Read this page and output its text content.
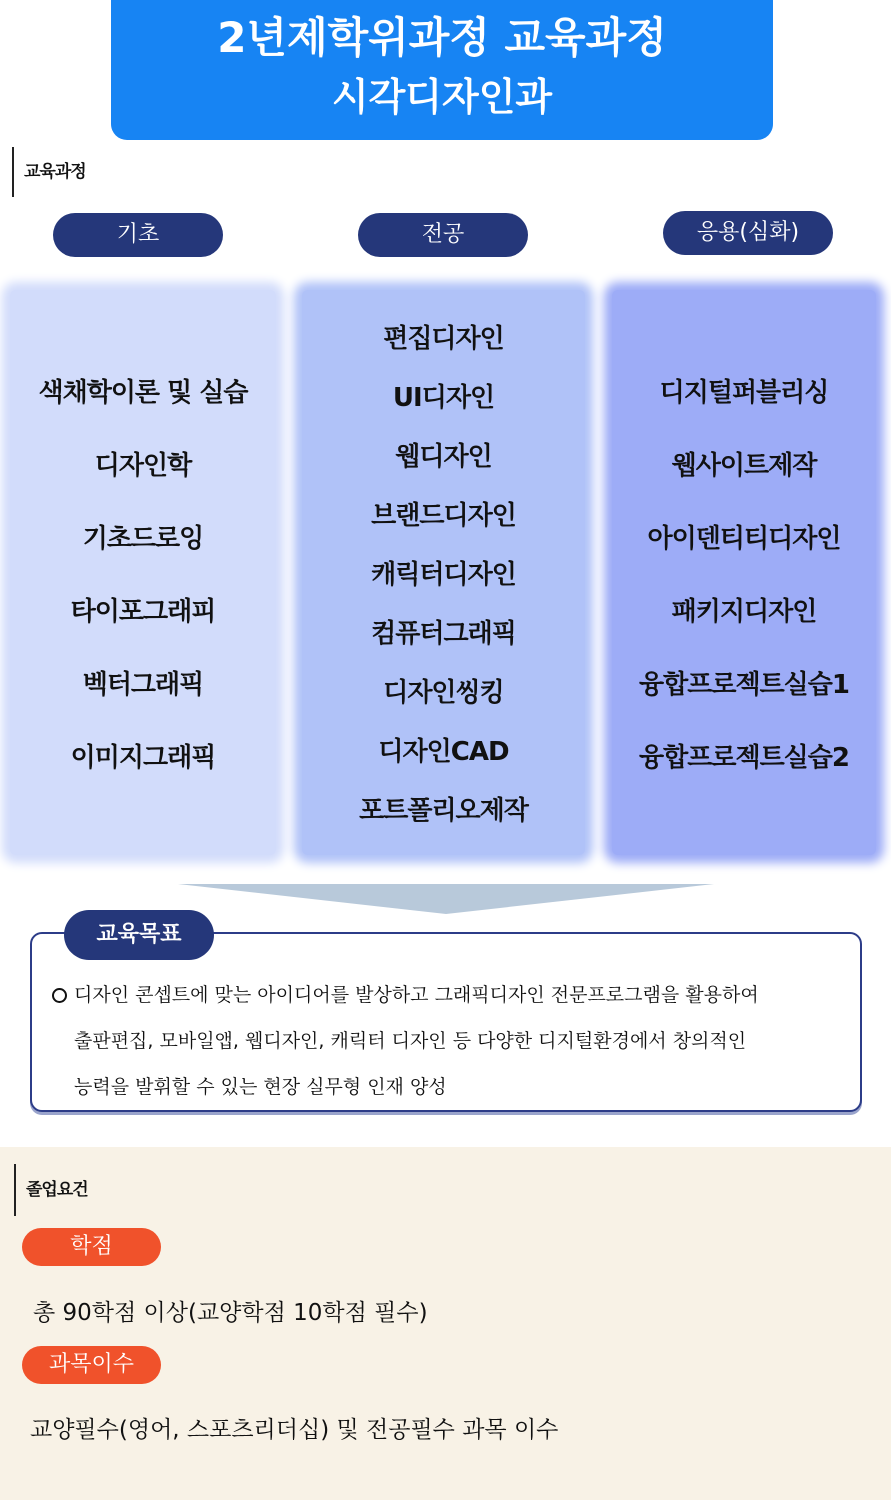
2년제학위과정 교육과정
시각디자인과
교육과정
기초	전공	응용(심화)
색채학이론 및 실습
디자인학
기초드로잉
타이포그래피
벡터그래픽
이미지그래픽
편집디자인
UI디자인
웹디자인
브랜드디자인
캐릭터디자인
컴퓨터그래픽
디자인씽킹
디자인CAD
포트폴리오제작
디지털퍼블리싱
웹사이트제작
아이덴티티디자인
패키지디자인
융합프로젝트실습1
융합프로젝트실습2
디자인 콘셉트에 맞는 아이디어를 발상하고 그래픽디자인 전문프로그램을 활용하여
출판편집, 모바일앱, 웹디자인, 캐릭터 디자인 등 다양한 디지털환경에서 창의적인
능력을 발휘할 수 있는 현장 실무형 인재 양성
교육목표
졸업요건
학점
총 90학점 이상(교양학점 10학점 필수)
과목이수
교양필수(영어, 스포츠리더십) 및 전공필수 과목 이수
